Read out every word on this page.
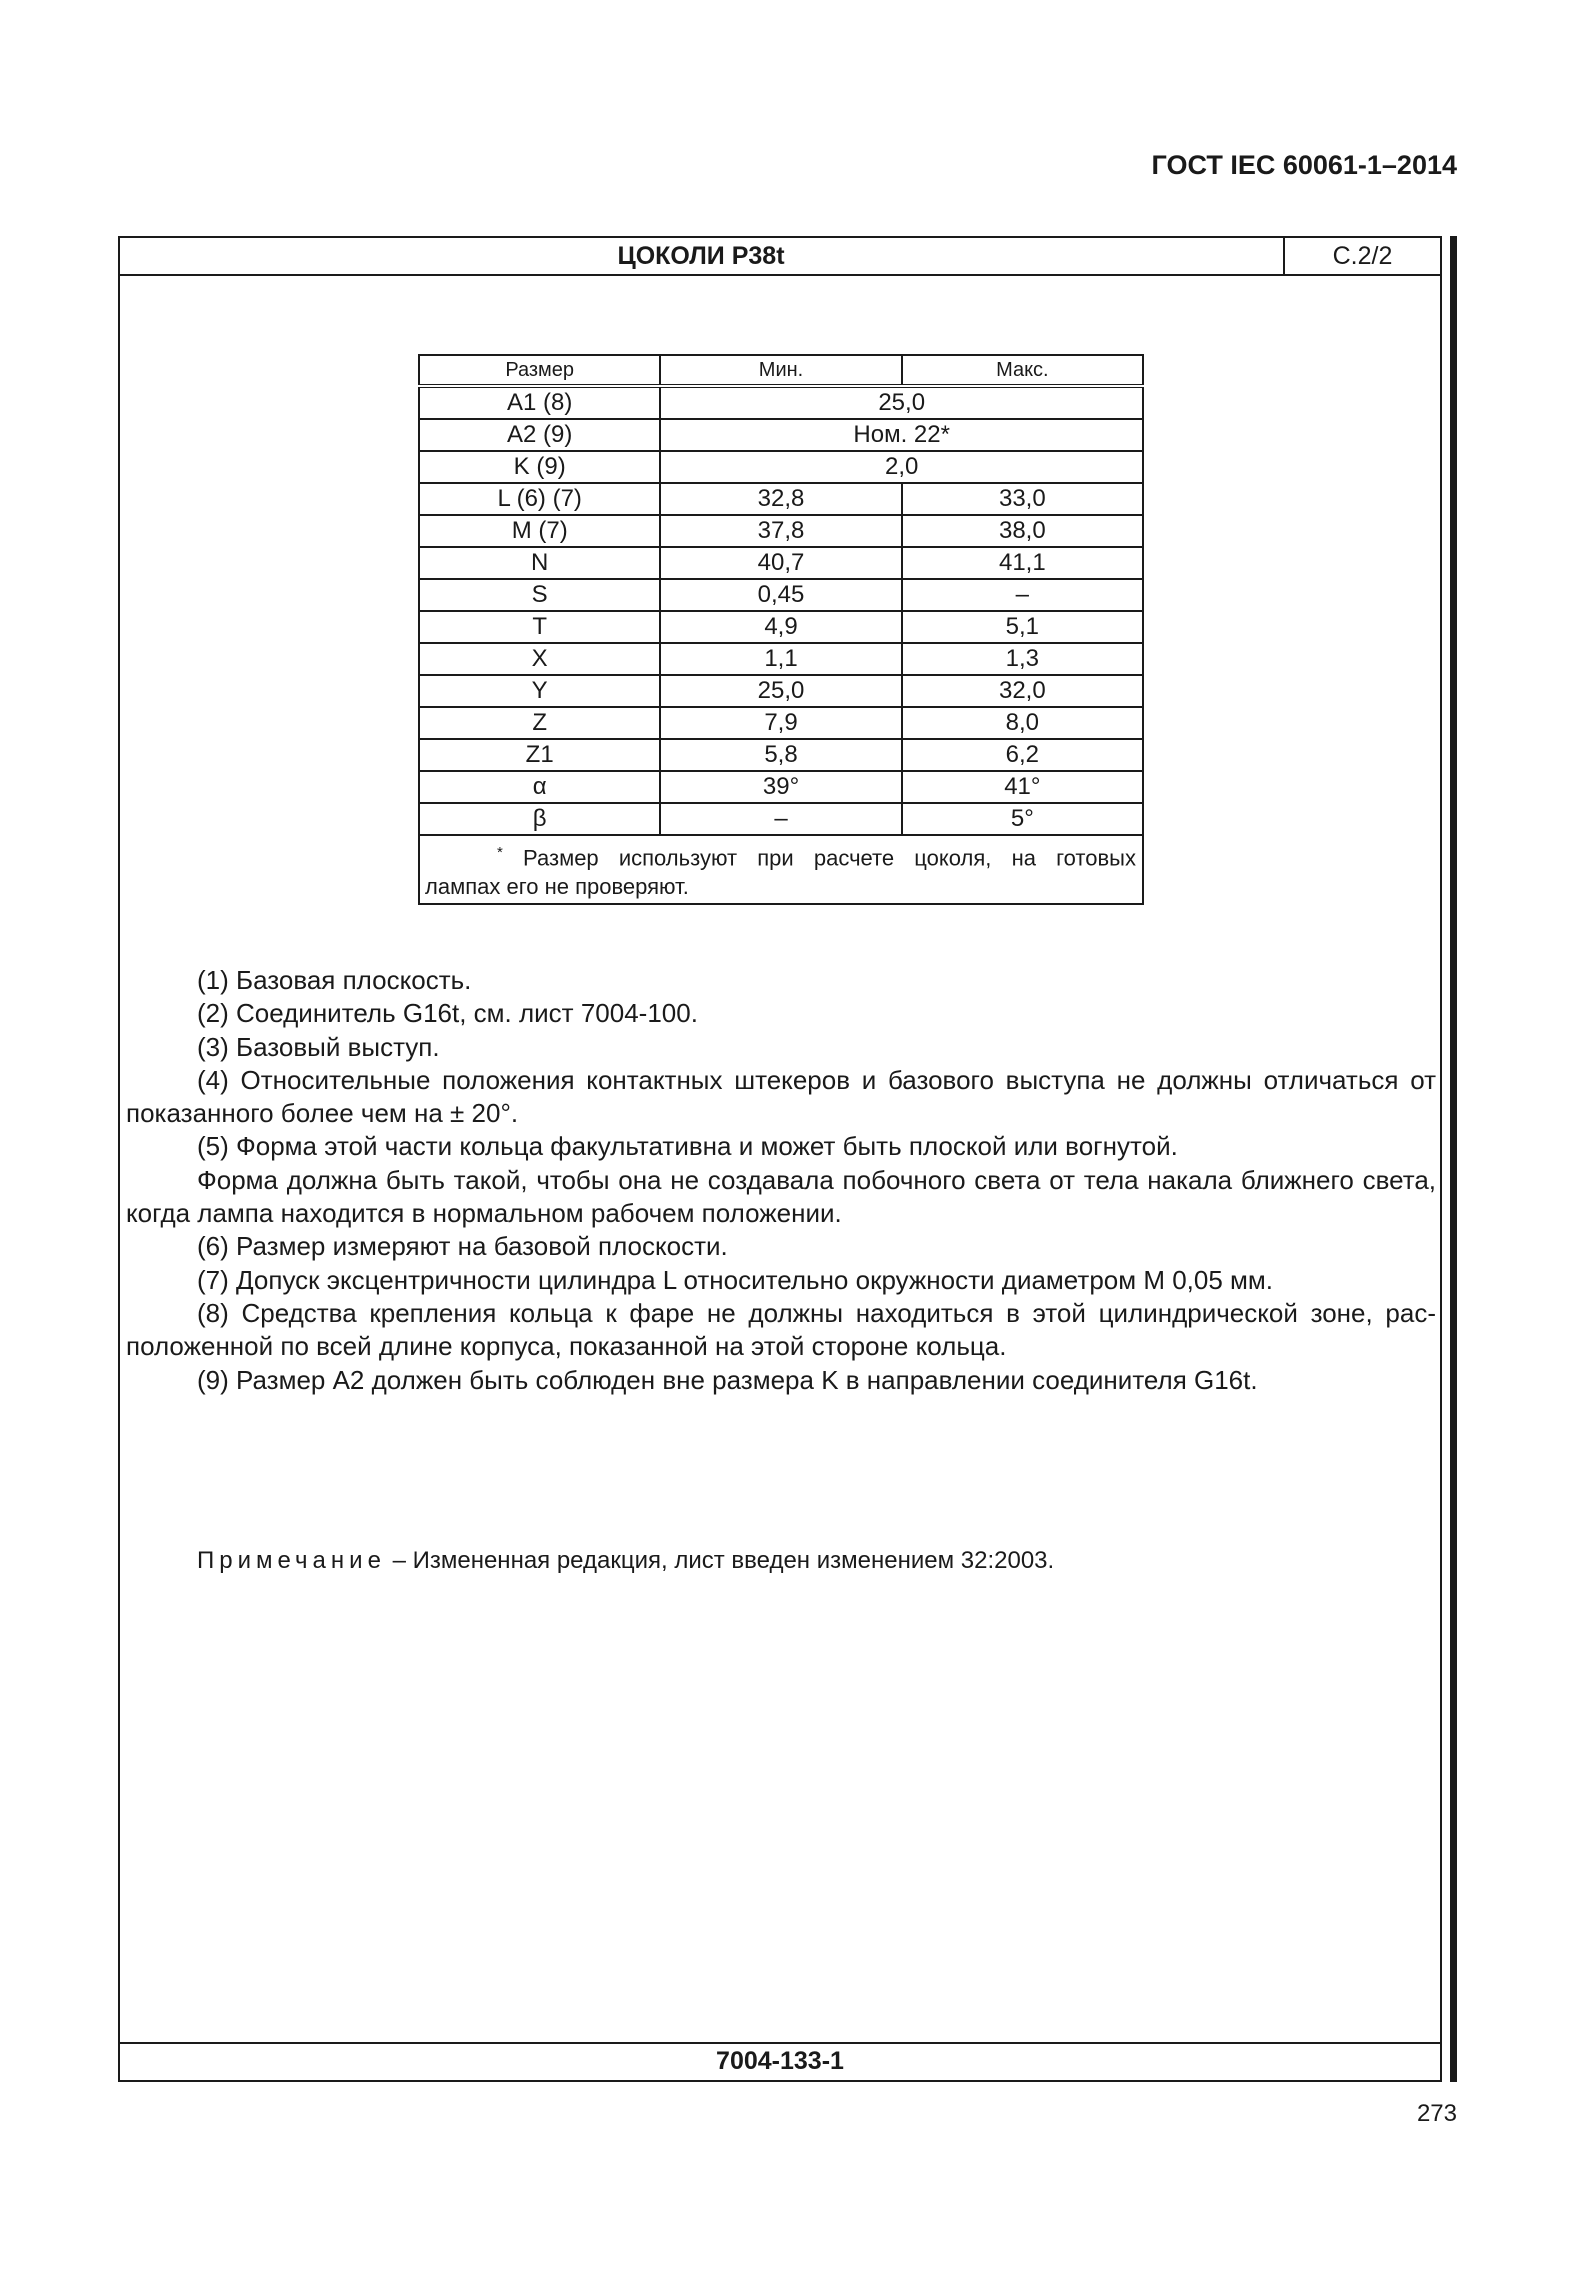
ГОСТ IEC 60061-1–2014
ЦОКОЛИ P38t	C.2/2
7004-133-1
Размер	Мин.	Макс.
A1 (8)	25,0	
A2 (9)	Ном. 22*	
K (9)	2,0	
L (6) (7)	32,8	33,0
M (7)	37,8	38,0
N	40,7	41,1
S	0,45	–
T	4,9	5,1
X	1,1	1,3
Y	25,0	32,0
Z	7,9	8,0
Z1	5,8	6,2
α	39°	41°
β	–	5°

* Размер используют при расчете цоколя, на готовых
лампах его не проверяют.		

(1) Базовая плоскость.

(2) Соединитель G16t, см. лист 7004-100.

(3) Базовый выступ.

(4) Относительные положения контактных штекеров и базового выступа не должны отличаться от показанного более чем на ± 20°.

(5) Форма этой части кольца факультативна и может быть плоской или вогнутой.

Форма должна быть такой, чтобы она не создавала побочного света от тела накала ближнего света, когда лампа находится в нормальном рабочем положении.

(6) Размер измеряют на базовой плоскости.

(7) Допуск эксцентричности цилиндра L относительно окружности диаметром M 0,05 мм.

(8) Средства крепления кольца к фаре не должны находиться в этой цилиндрической зоне, расположенной по всей длине корпуса, показанной на этой стороне кольца.

(9) Размер A2 должен быть соблюден вне размера K в направлении соединителя G16t.

Примечание – Измененная редакция, лист введен изменением 32:2003.
273
